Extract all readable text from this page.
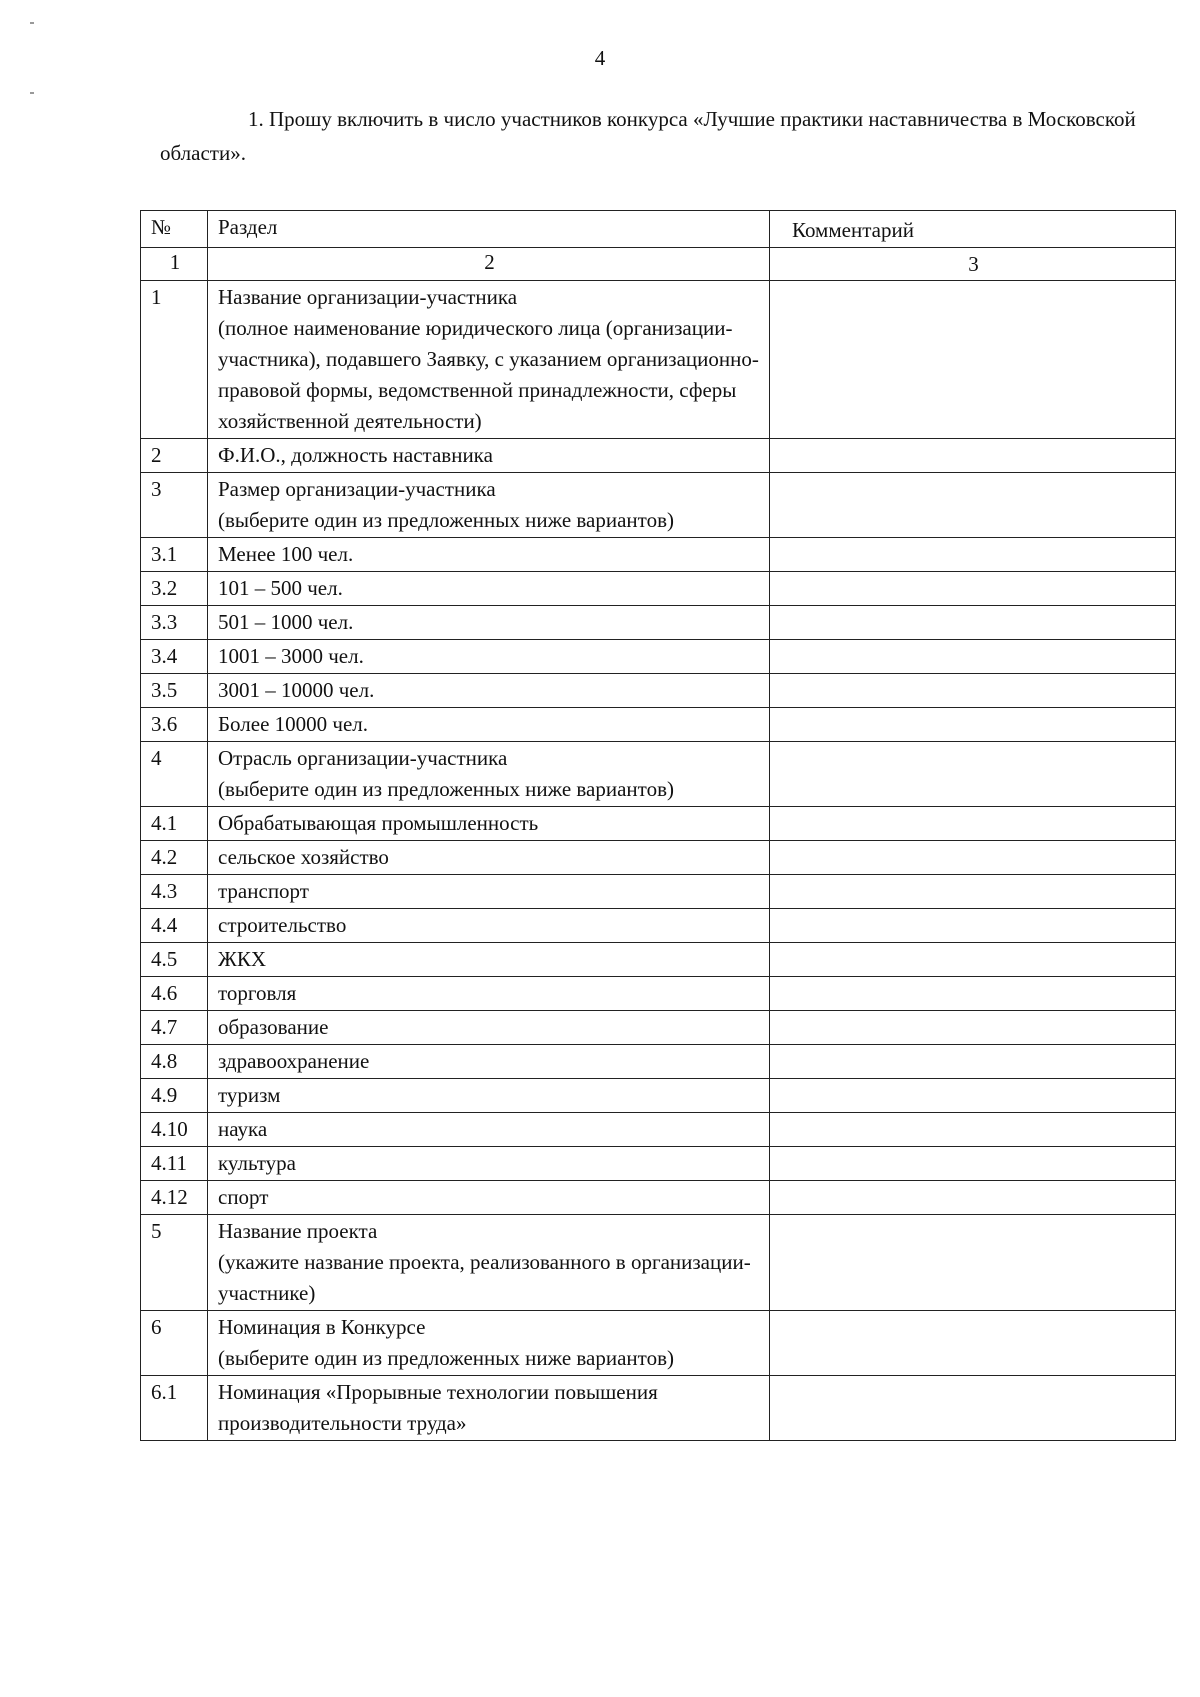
4
1. Прошу включить в число участников конкурса «Лучшие практики наставничества в Московской области».
№	Раздел	Комментарий
1	2	3
1	Название организации-участника
(полное наименование юридического лица (организации-участника), подавшего Заявку, с указанием организационно-правовой формы, ведомственной принадлежности, сферы хозяйственной деятельности)	

2	Ф.И.О., должность наставника	

3	Размер организации-участника
(выберите один из предложенных ниже вариантов)	

3.1	Менее 100 чел.	

3.2	101 – 500 чел.	

3.3	501 – 1000 чел.	

3.4	1001 – 3000 чел.	

3.5	3001 – 10000 чел.	

3.6	Более 10000 чел.	

4	Отрасль организации-участника
(выберите один из предложенных ниже вариантов)	

4.1	Обрабатывающая промышленность	

4.2	сельское хозяйство	

4.3	транспорт	

4.4	строительство	

4.5	ЖКХ	

4.6	торговля	

4.7	образование	

4.8	здравоохранение	

4.9	туризм	

4.10	наука	

4.11	культура	

4.12	спорт	

5	Название проекта
(укажите название проекта, реализованного в организации-участнике)	

6	Номинация в Конкурсе
(выберите один из предложенных ниже вариантов)	

6.1	Номинация «Прорывные технологии повышения производительности труда»	
